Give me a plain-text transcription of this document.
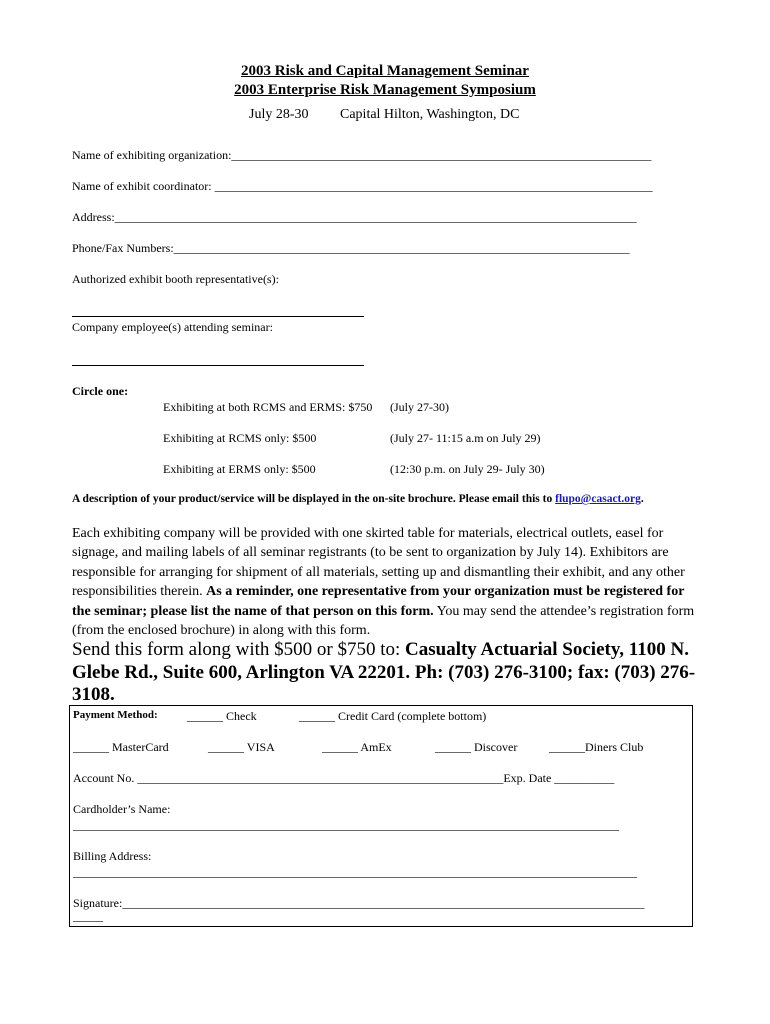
2003 Risk and Capital Management Seminar
2003 Enterprise Risk Management Symposium
July 28-30 Capital Hilton, Washington, DC
Name of exhibiting organization:______________________________________________________________________
Name of exhibit coordinator: _________________________________________________________________________
Address:_______________________________________________________________________________________
Phone/Fax Numbers:____________________________________________________________________________
Authorized exhibit booth representative(s):
Company employee(s) attending seminar:
Circle one:
Exhibiting at both RCMS and ERMS: $750 (July 27-30)
Exhibiting at RCMS only: $500	(July 27- 11:15 a.m on July 29)
Exhibiting at ERMS only: $500	(12:30 p.m. on July 29- July 30)
A description of your product/service will be displayed in the on-site brochure. Please email this to flupo@casact.org.
Each exhibiting company will be provided with one skirted table for materials, electrical outlets, easel for signage, and mailing labels of all seminar registrants (to be sent to organization by July 14). Exhibitors are responsible for arranging for shipment of all materials, setting up and dismantling their exhibit, and any other responsibilities therein. As a reminder, one representative from your organization must be registered for the seminar; please list the name of that person on this form. You may send the attendee’s registration form (from the enclosed brochure) in along with this form.
Send this form along with $500 or $750 to: Casualty Actuarial Society, 1100 N. Glebe Rd., Suite 600, Arlington VA 22201. Ph: (703) 276-3100; fax: (703) 276-3108.
Payment Method: ______ Check	______ Credit Card (complete bottom)
______ MasterCard	______ VISA	______ AmEx	______ Discover	______Diners Club
Account No. _____________________________________________________________Exp. Date __________
Cardholder’s Name:
___________________________________________________________________________________________
Billing Address:
______________________________________________________________________________________________
Signature:_______________________________________________________________________________________
_____
